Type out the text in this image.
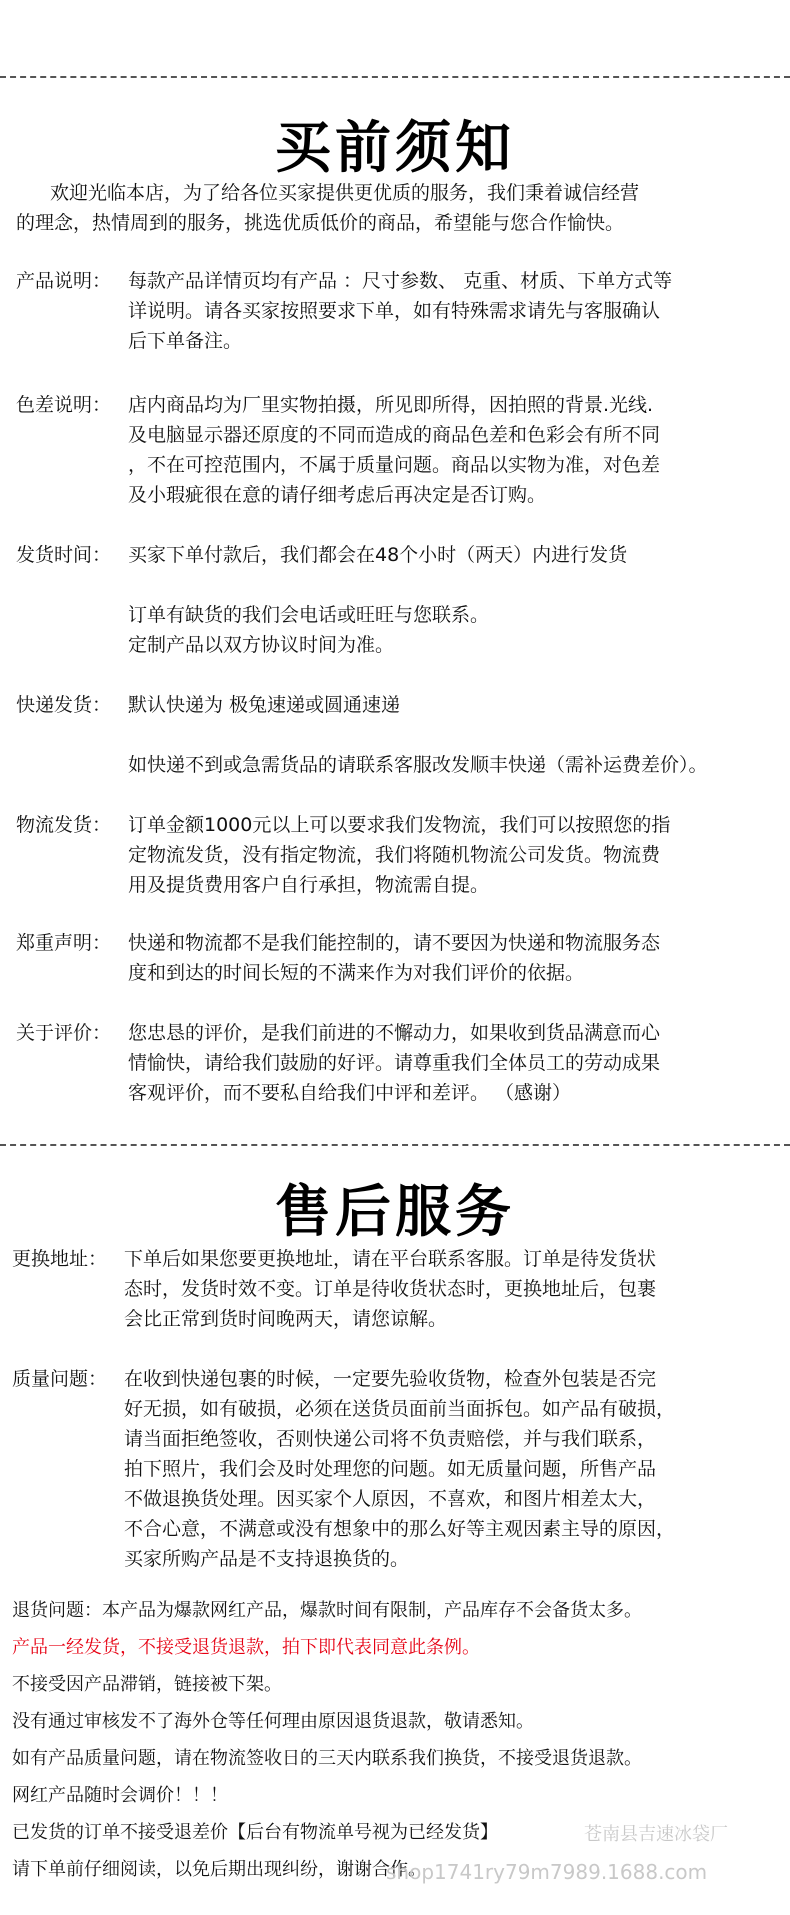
买前须知
欢迎光临本店，为了给各位买家提供更优质的服务，我们秉着诚信经营
的理念，热情周到的服务，挑选优质低价的商品，希望能与您合作愉快。
产品说明： 每款产品详情页均有产品 ：尺寸参数、 克重、材质、下单方式等
详说明。请各买家按照要求下单，如有特殊需求请先与客服确认
后下单备注。
色差说明： 店内商品均为厂里实物拍摄，所见即所得，因拍照的背景.光线.
及电脑显示器还原度的不同而造成的商品色差和色彩会有所不同
，不在可控范围内，不属于质量问题。商品以实物为准，对色差
及小瑕疵很在意的请仔细考虑后再决定是否订购。
发货时间： 买家下单付款后，我们都会在48个小时（两天）内进行发货
订单有缺货的我们会电话或旺旺与您联系。
定制产品以双方协议时间为准。
快递发货： 默认快递为 极兔速递或圆通速递
如快递不到或急需货品的请联系客服改发顺丰快递（需补运费差价）。
物流发货： 订单金额1000元以上可以要求我们发物流，我们可以按照您的指
定物流发货，没有指定物流，我们将随机物流公司发货。物流费
用及提货费用客户自行承担，物流需自提。
郑重声明： 快递和物流都不是我们能控制的，请不要因为快递和物流服务态
度和到达的时间长短的不满来作为对我们评价的依据。
关于评价： 您忠恳的评价，是我们前进的不懈动力，如果收到货品满意而心
情愉快，请给我们鼓励的好评。请尊重我们全体员工的劳动成果
客观评价，而不要私自给我们中评和差评。 （感谢）
售后服务
更换地址： 下单后如果您要更换地址，请在平台联系客服。订单是待发货状
态时，发货时效不变。订单是待收货状态时，更换地址后，包裹
会比正常到货时间晚两天，请您谅解。
质量问题： 在收到快递包裹的时候，一定要先验收货物，检查外包装是否完
好无损，如有破损，必须在送货员面前当面拆包。如产品有破损，
请当面拒绝签收，否则快递公司将不负责赔偿，并与我们联系，
拍下照片，我们会及时处理您的问题。如无质量问题，所售产品
不做退换货处理。因买家个人原因，不喜欢，和图片相差太大，
不合心意，不满意或没有想象中的那么好等主观因素主导的原因，
买家所购产品是不支持退换货的。
退货问题：本产品为爆款网红产品，爆款时间有限制，产品库存不会备货太多。
产品一经发货，不接受退货退款，拍下即代表同意此条例。
不接受因产品滞销，链接被下架。
没有通过审核发不了海外仓等任何理由原因退货退款，敬请悉知。
如有产品质量问题，请在物流签收日的三天内联系我们换货，不接受退货退款。
网红产品随时会调价！！！
已发货的订单不接受退差价【后台有物流单号视为已经发货】
请下单前仔细阅读，以免后期出现纠纷，谢谢合作。
苍南县吉速冰袋厂
shop1741ry79m7989.1688.com
